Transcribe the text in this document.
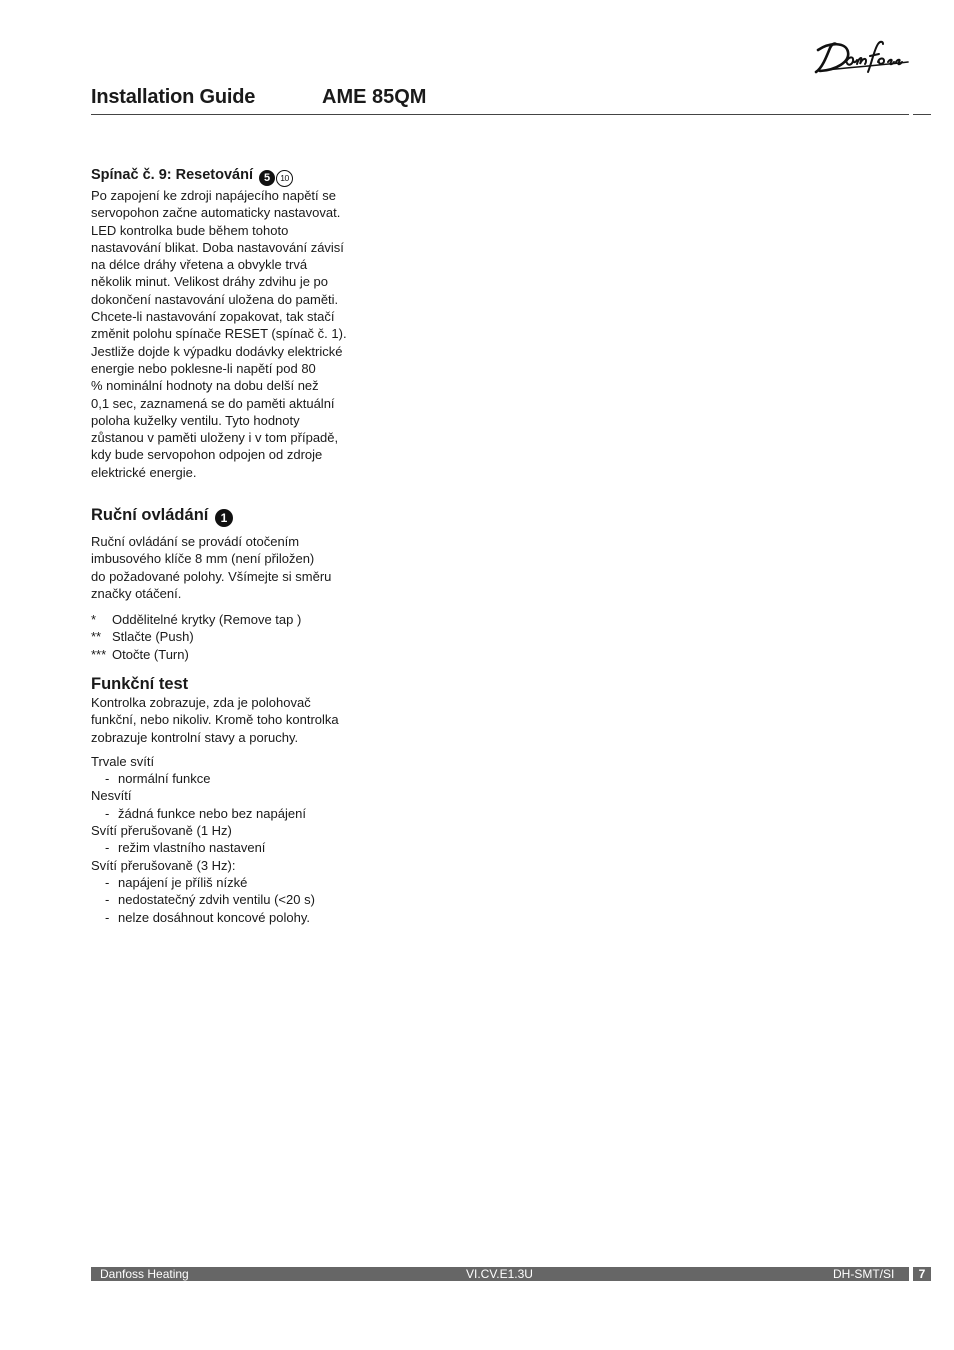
Installation Guide	AME 85QM
Spínač č. 9: Resetování 5 10
Po zapojení ke zdroji napájecího napětí se
servopohon začne automaticky nastavovat.
LED kontrolka bude během tohoto
nastavování blikat. Doba nastavování závisí
na délce dráhy vřetena a obvykle trvá
několik minut. Velikost dráhy zdvihu je po
dokončení nastavování uložena do paměti.
Chcete-li nastavování zopakovat, tak stačí
změnit polohu spínače RESET (spínač č. 1).
Jestliže dojde k výpadku dodávky elektrické
energie nebo poklesne-li napětí pod 80
% nominální hodnoty na dobu delší než
0,1 sec, zaznamená se do paměti aktuální
poloha kuželky ventilu. Tyto hodnoty
zůstanou v paměti uloženy i v tom případě,
kdy bude servopohon odpojen od zdroje
elektrické energie.
Ruční ovládání 1
Ruční ovládání se provádí otočením
imbusového klíče 8 mm (není přiložen)
do požadované polohy. Všímejte si směru
značky otáčení.
*	Oddělitelné krytky (Remove tap )
** Stlačte (Push)
*** Otočte (Turn)
Funkční test
Kontrolka zobrazuje, zda je polohovač
funkční, nebo nikoliv. Kromě toho kontrolka
zobrazuje kontrolní stavy a poruchy.
Trvale svítí
- normální funkce
Nesvítí
- žádná funkce nebo bez napájení
Svítí přerušovaně (1 Hz)
- režim vlastního nastavení
Svítí přerušovaně (3 Hz):
- napájení je příliš nízké
- nedostatečný zdvih ventilu (<20 s)
- nelze dosáhnout koncové polohy.
Danfoss Heating	VI.CV.E1.3U	DH-SMT/SI	7
